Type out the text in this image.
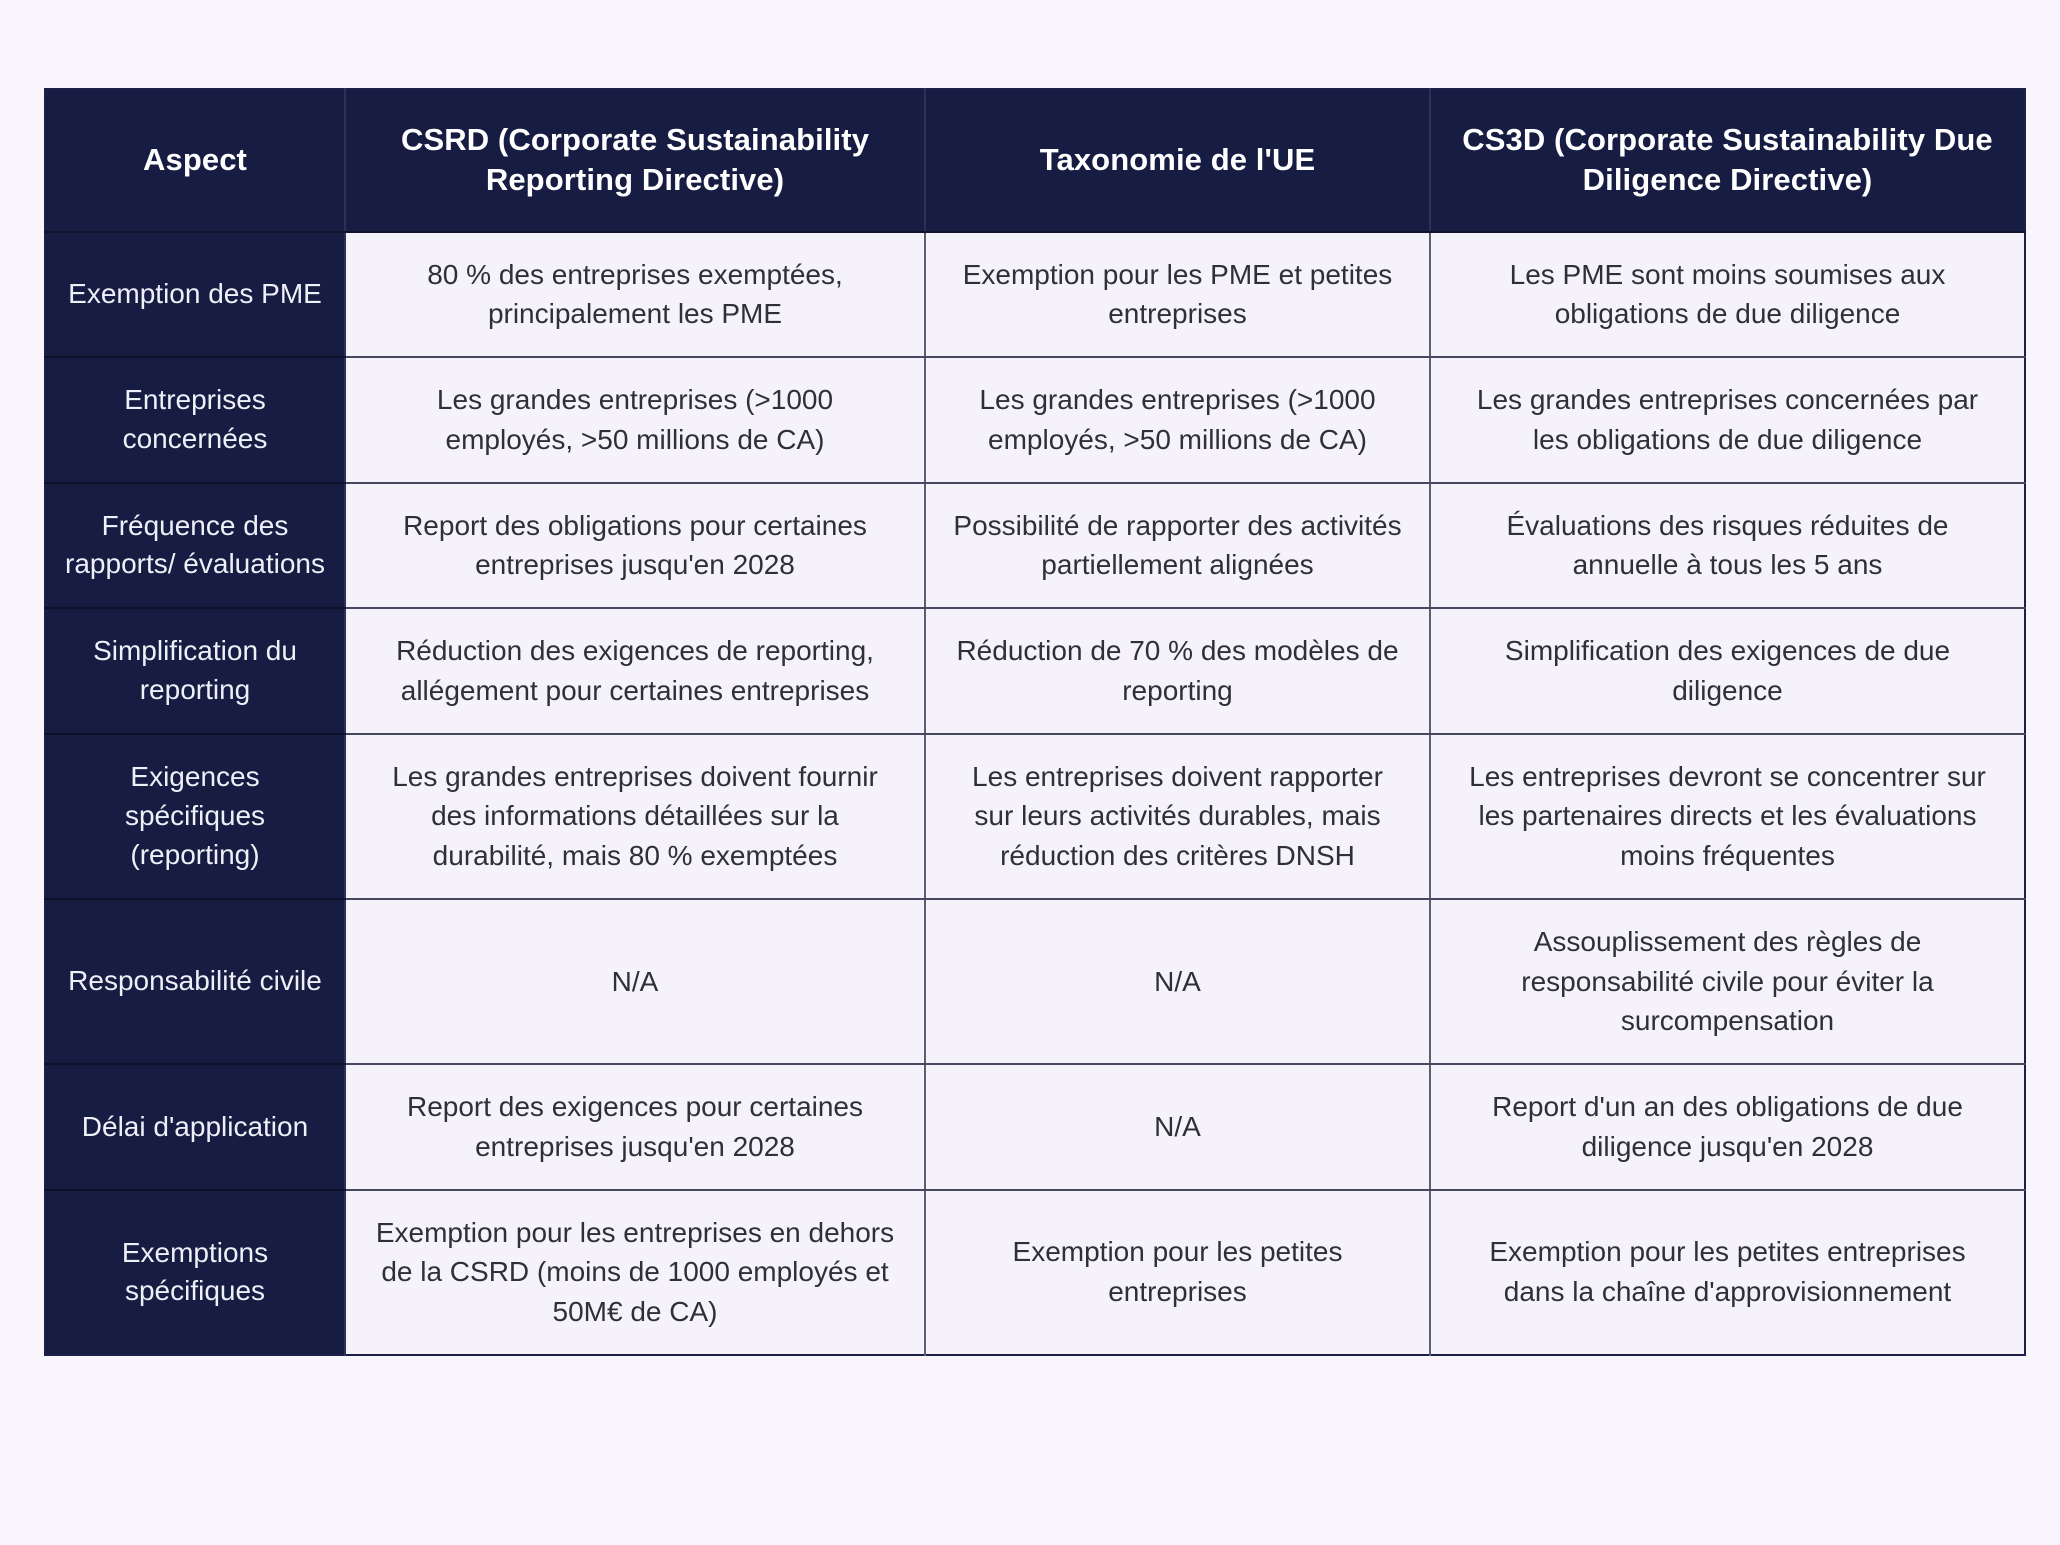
Aspect	CSRD (Corporate Sustainability Reporting Directive)	Taxonomie de l'UE	CS3D (Corporate Sustainability Due Diligence Directive)
Exemption des PME	80 % des entreprises exemptées, principalement les PME	Exemption pour les PME et petites entreprises	Les PME sont moins soumises aux obligations de due diligence
Entreprises concernées	Les grandes entreprises (>1000 employés, >50 millions de CA)	Les grandes entreprises (>1000 employés, >50 millions de CA)	Les grandes entreprises concernées par les obligations de due diligence
Fréquence des rapports/ évaluations	Report des obligations pour certaines entreprises jusqu'en 2028	Possibilité de rapporter des activités partiellement alignées	Évaluations des risques réduites de annuelle à tous les 5 ans
Simplification du reporting	Réduction des exigences de reporting, allégement pour certaines entreprises	Réduction de 70 % des modèles de reporting	Simplification des exigences de due diligence
Exigences spécifiques (reporting)	Les grandes entreprises doivent fournir des informations détaillées sur la durabilité, mais 80 % exemptées	Les entreprises doivent rapporter sur leurs activités durables, mais réduction des critères DNSH	Les entreprises devront se concentrer sur les partenaires directs et les évaluations moins fréquentes
Responsabilité civile	N/A	N/A	Assouplissement des règles de responsabilité civile pour éviter la surcompensation
Délai d'application	Report des exigences pour certaines entreprises jusqu'en 2028	N/A	Report d'un an des obligations de due diligence jusqu'en 2028
Exemptions spécifiques	Exemption pour les entreprises en dehors de la CSRD (moins de 1000 employés et 50M€ de CA)	Exemption pour les petites entreprises	Exemption pour les petites entreprises dans la chaîne d'approvisionnement
